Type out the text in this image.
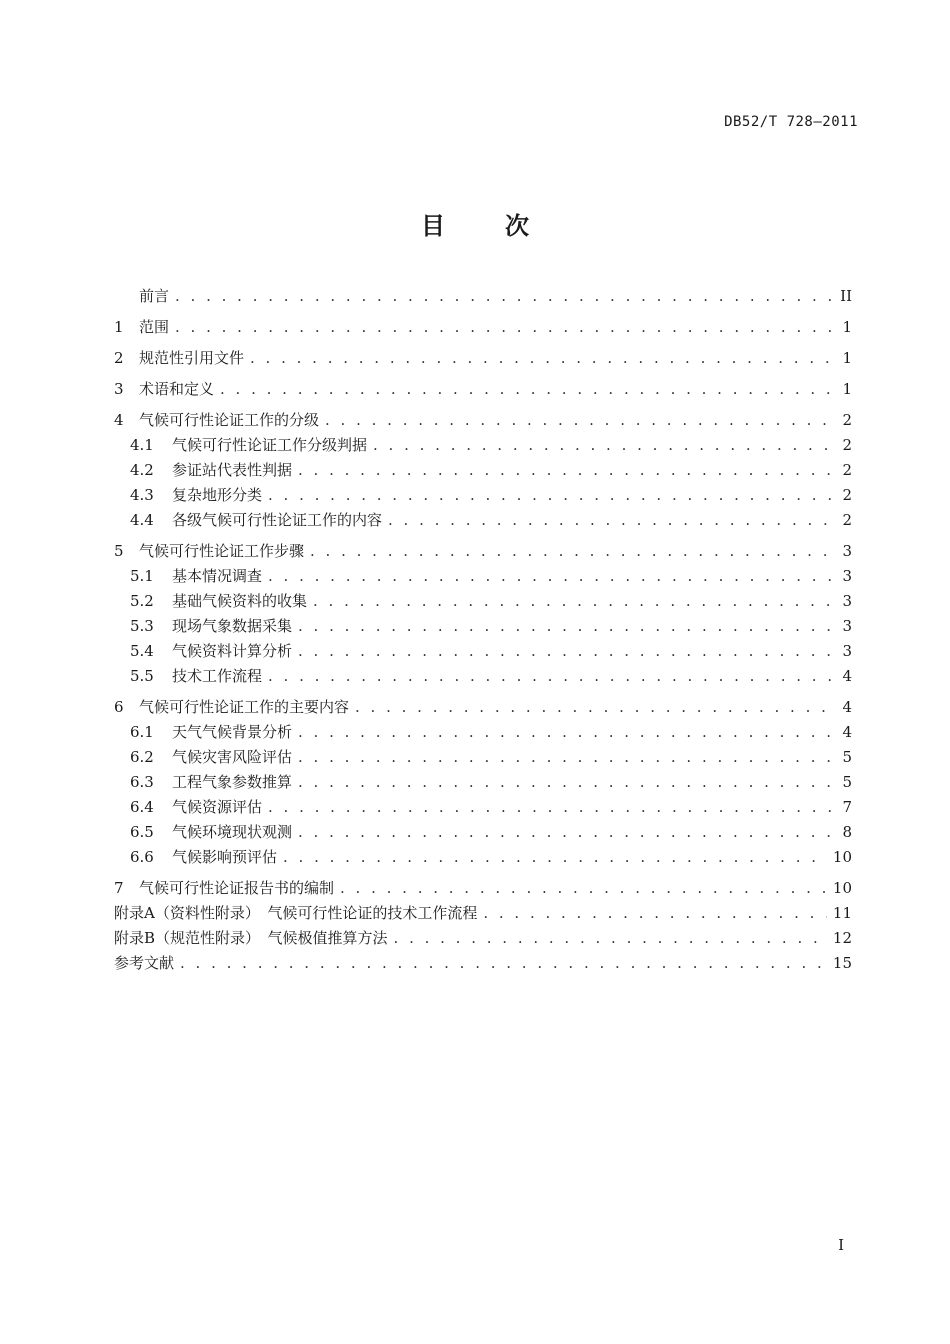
DB52/T 728—2011
目次
前言 . . .	II
1	范围 . . .	1
2	规范性引用文件 . . .	1
3	术语和定义 . . .	1
4	气候可行性论证工作的分级 . . .	2
4.1	气候可行性论证工作分级判据 . . .	2
4.2	参证站代表性判据 . . .	2
4.3	复杂地形分类 . . .	2
4.4	各级气候可行性论证工作的内容 . . .	2
5	气候可行性论证工作步骤 . . .	3
5.1	基本情况调查 . . .	3
5.2	基础气候资料的收集 . . .	3
5.3	现场气象数据采集 . . .	3
5.4	气候资料计算分析 . . .	3
5.5	技术工作流程 . . .	4
6	气候可行性论证工作的主要内容 . . .	4
6.1	天气气候背景分析 . . .	4
6.2	气候灾害风险评估 . . .	5
6.3	工程气象参数推算 . . .	5
6.4	气候资源评估 . . .	7
6.5	气候环境现状观测 . . .	8
6.6	气候影响预评估 . . .	10
7	气候可行性论证报告书的编制 . . .	10
附录A（资料性附录）　气候可行性论证的技术工作流程 . . .	11
附录B（规范性附录）　气候极值推算方法 . . .	12
参考文献 . . .	15
I
